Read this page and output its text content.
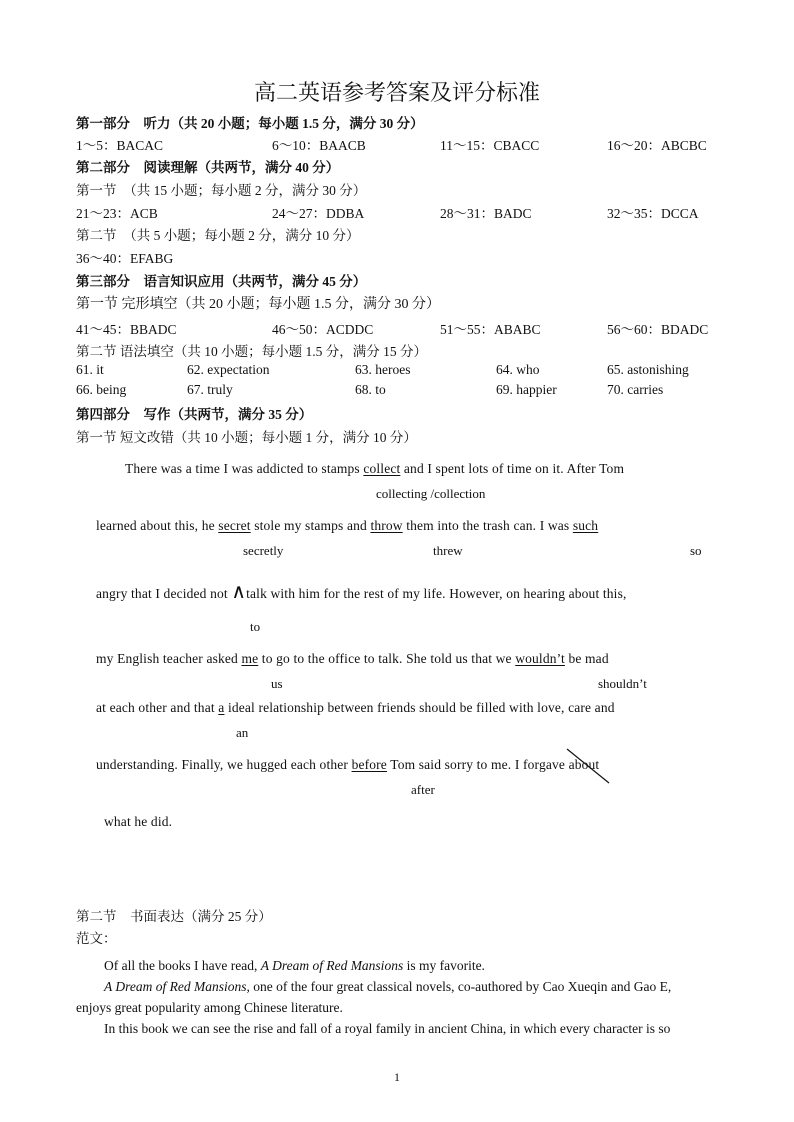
高二英语参考答案及评分标准
第一部分　听力（共 20 小题；每小题 1.5 分，满分 30 分）
1～5：BACAC	6～10：BAACB	11～15：CBACC	16～20：ABCBC
第二部分　阅读理解（共两节，满分 40 分）
第一节　（共 15 小题；每小题 2 分，满分 30 分）
21～23：ACB	24～27：DDBA	28～31：BADC	32～35：DCCA
第二节　（共 5 小题；每小题 2 分，满分 10 分）
36～40：EFABG
第三部分　语言知识应用（共两节，满分 45 分）
第一节 完形填空（共 20 小题；每小题 1.5 分，满分 30 分）
41～45：BBADC	46～50：ACDDC	51～55：ABABC	56～60：BDADC
第二节 语法填空（共 10 小题；每小题 1.5 分，满分 15 分）
61. it	62. expectation	63. heroes	64. who	65. astonishing
66. being	67. truly	68. to	69. happier	70. carries
第四部分　写作（共两节，满分 35 分）
第一节 短文改错（共 10 小题；每小题 1 分，满分 10 分）
There was a time I was addicted to stamps collect and I spent lots of time on it. After Tom
collecting /collection
learned about this, he secret stole my stamps and throw them into the trash can. I was such
secretly	threw	so
angry that I decided not ∧talk with him for the rest of my life. However, on hearing about this,
to
my English teacher asked me to go to the office to talk. She told us that we wouldn’t be mad
us	shouldn’t
at each other and that a ideal relationship between friends should be filled with love, care and
an
understanding. Finally, we hugged each other before Tom said sorry to me. I forgave about
after
what he did.
第二节　书面表达（满分 25 分）
范文：
Of all the books I have read, A Dream of Red Mansions is my favorite.
A Dream of Red Mansions, one of the four great classical novels, co-authored by Cao Xueqin and Gao E,
enjoys great popularity among Chinese literature.
In this book we can see the rise and fall of a royal family in ancient China, in which every character is so
1
